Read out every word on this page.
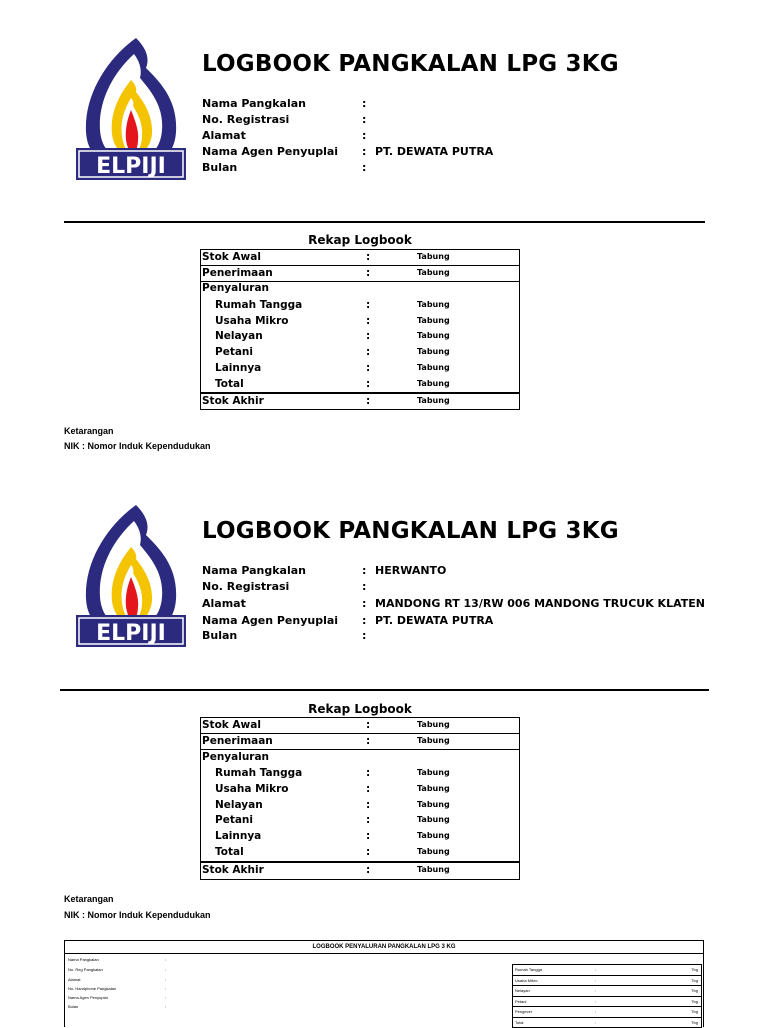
ELPIJI
LOGBOOK PANGKALAN LPG 3KG
Nama Pangkalan	:
No. Registrasi	:
Alamat	:
Nama Agen Penyuplai : PT. DEWATA PUTRA
Bulan	:
Rekap Logbook
Stok Awal	:	Tabung
Penerimaan	:	Tabung
Penyaluran
Rumah Tangga	:	Tabung
Usaha Mikro	:	Tabung
Nelayan	:	Tabung
Petani	:	Tabung
Lainnya	:	Tabung
Total	:	Tabung
Stok Akhir	:	Tabung
Ketarangan
NIK : Nomor Induk Kependudukan
ELPIJI
LOGBOOK PANGKALAN LPG 3KG
Nama Pangkalan	: HERWANTO
No. Registrasi	:
Alamat	: MANDONG RT 13/RW 006 MANDONG TRUCUK KLATEN
Nama Agen Penyuplai : PT. DEWATA PUTRA
Bulan	:
Rekap Logbook
Stok Awal	:	Tabung
Penerimaan	:	Tabung
Penyaluran
Rumah Tangga	:	Tabung
Usaha Mikro	:	Tabung
Nelayan	:	Tabung
Petani	:	Tabung
Lainnya	:	Tabung
Total	:	Tabung
Stok Akhir	:	Tabung
Ketarangan
NIK : Nomor Induk Kependudukan
LOGBOOK PENYALURAN PANGKALAN LPG 3 KG
Nama Pangkalan	:
No. Reg Pangkalan	:
Alamat	:
No. Handphone Pangkalan	:
Nama Agen Penyuplai	:
Bulan	:
Rumah Tangga	:	Tbg
Usaha Mikro	:	Tbg
Nelayan	:	Tbg
Petani	:	Tbg
Pengecer	:	Tbg
Total	:	Tbg
